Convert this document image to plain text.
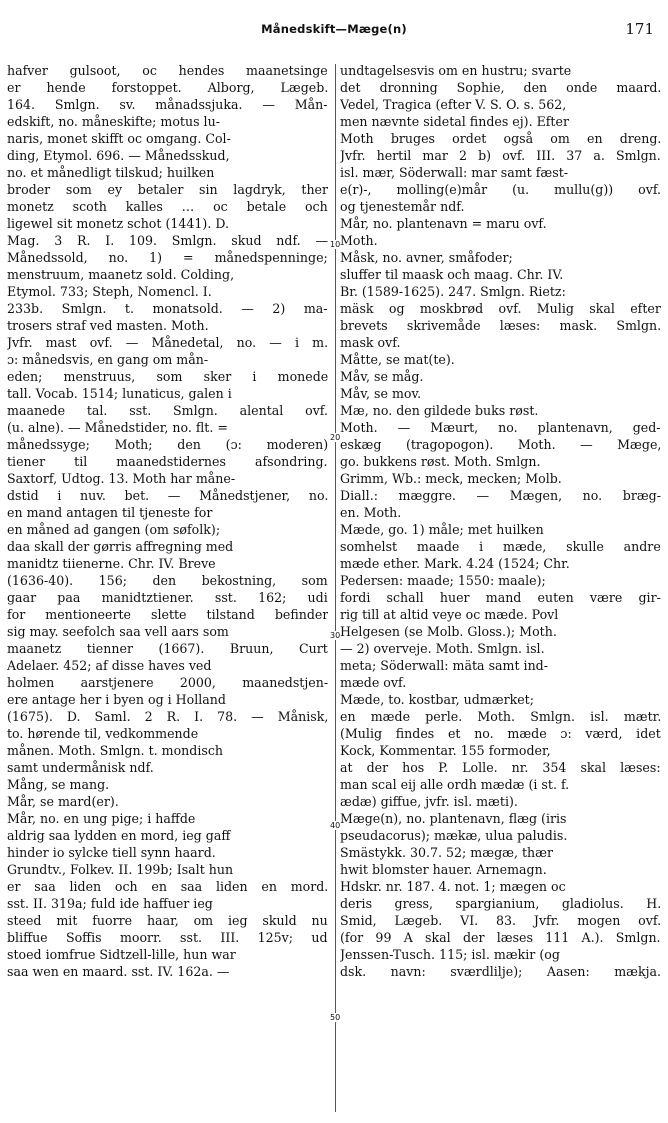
Månedskift—Mæge(n)	171
10
20
30
40
50
hafver gulsoot, oc hendes maanetsinge
er hende forstoppet. Alborg, Lægeb.
164. Smlgn. sv. månadssjuka. — Mån-
edskift, no. måneskifte; motus lu-
naris, monet skifft oc omgang. Col-
ding, Etymol. 696. — Månedsskud,
no. et månedligt tilskud; huilken
broder som ey betaler sin lagdryk, ther
monetz scoth kalles … oc betale och
ligewel sit monetz schot (1441). D.
Mag. 3 R. I. 109. Smlgn. skud ndf. —
Månedssold, no. 1) = månedspenninge;
menstruum, maanetz sold. Colding,
Etymol. 733; Steph, Nomencl. I.
233b. Smlgn. t. monatsold. — 2) ma-
trosers straf ved masten. Moth.
Jvfr. mast ovf. — Månedetal, no. — i m.
ɔ: månedsvis, en gang om mån-
eden; menstruus, som sker i monede
tall. Vocab. 1514; lunaticus, galen i
maanede tal. sst. Smlgn. alental ovf.
(u. alne). — Månedstider, no. flt. =
månedssyge; Moth; den (ɔ: moderen)
tiener til maanedstidernes afsondring.
Saxtorf, Udtog. 13. Moth har måne-
dstid i nuv. bet. — Månedstjener, no.
en mand antagen til tjeneste for
en måned ad gangen (om søfolk);
daa skall der gørris affregning med
manidtz tiienerne. Chr. IV. Breve
(1636-40). 156; den bekostning, som
gaar paa manidtztiener. sst. 162; udi
for mentioneerte slette tilstand befinder
sig may. seefolch saa vell aars som
maanetz tienner (1667). Bruun, Curt
Adelaer. 452; af disse haves ved
holmen aarstjenere 2000, maanedstjen-
ere antage her i byen og i Holland
(1675). D. Saml. 2 R. I. 78. — Månisk,
to. hørende til, vedkommende
månen. Moth. Smlgn. t. mondisch
samt undermånisk ndf.
Mång, se mang.
Mår, se mard(er).
Mår, no. en ung pige; i haffde
aldrig saa lydden en mord, ieg gaff
hinder io sylcke tiell synn haard.
Grundtv., Folkev. II. 199b; Isalt hun
er saa liden och en saa liden en mord.
sst. II. 319a; fuld ide haffuer ieg
steed mit fuorre haar, om ieg skuld nu
bliffue Soffis moorr. sst. III. 125v; ud
stoed iomfrue Sidtzell-lille, hun war
saa wen en maard. sst. IV. 162a. —
undtagelsesvis om en hustru; svarte
det dronning Sophie, den onde maard.
Vedel, Tragica (efter V. S. O. s. 562,
men nævnte sidetal findes ej). Efter
Moth bruges ordet også om en dreng.
Jvfr. hertil mar 2 b) ovf. III. 37 a. Smlgn.
isl. mær, Söderwall: mar samt fæst-
e(r)-, molling(e)mår (u. mullu(g)) ovf.
og tjenestemår ndf.
Mår, no. plantenavn = maru ovf.
Moth.
Måsk, no. avner, småfoder;
sluffer til maask och maag. Chr. IV.
Br. (1589-1625). 247. Smlgn. Rietz:
mäsk og moskbrød ovf. Mulig skal efter
brevets skrivemåde læses: mask. Smlgn.
mask ovf.
Måtte, se mat(te).
Måv, se måg.
Måv, se mov.
Mæ, no. den gildede buks røst.
Moth. — Mæurt, no. plantenavn, ged-
eskæg (tragopogon). Moth. — Mæge,
go. bukkens røst. Moth. Smlgn.
Grimm, Wb.: meck, mecken; Molb.
Diall.: mæggre. — Mægen, no. bræg-
en. Moth.
Mæde, go. 1) måle; met huilken
somhelst maade i mæde, skulle andre
mæde ether. Mark. 4.24 (1524; Chr.
Pedersen: maade; 1550: maale);
fordi schall huer mand euten være gir-
rig till at altid veye oc mæde. Povl
Helgesen (se Molb. Gloss.); Moth.
— 2) overveje. Moth. Smlgn. isl.
meta; Söderwall: mäta samt ind-
mæde ovf.
Mæde, to. kostbar, udmærket;
en mæde perle. Moth. Smlgn. isl. mætr.
(Mulig findes et no. mæde ɔ: værd, idet
Kock, Kommentar. 155 formoder,
at der hos P. Lolle. nr. 354 skal læses:
man scal eij alle ordh mædæ (i st. f.
ædæ) giffue, jvfr. isl. mæti).
Mæge(n), no. plantenavn, flæg (iris
pseudacorus); mækæ, ulua paludis.
Smästykk. 30.7. 52; mægæ, thær
hwit blomster hauer. Arnemagn.
Hdskr. nr. 187. 4. not. 1; mægen oc
deris gress, spargianium, gladiolus. H.
Smid, Lægeb. VI. 83. Jvfr. mogen ovf.
(for 99 A skal der læses 111 A.). Smlgn.
Jenssen-Tusch. 115; isl. mækir (og
dsk. navn: sværdlilje); Aasen: mækja.
